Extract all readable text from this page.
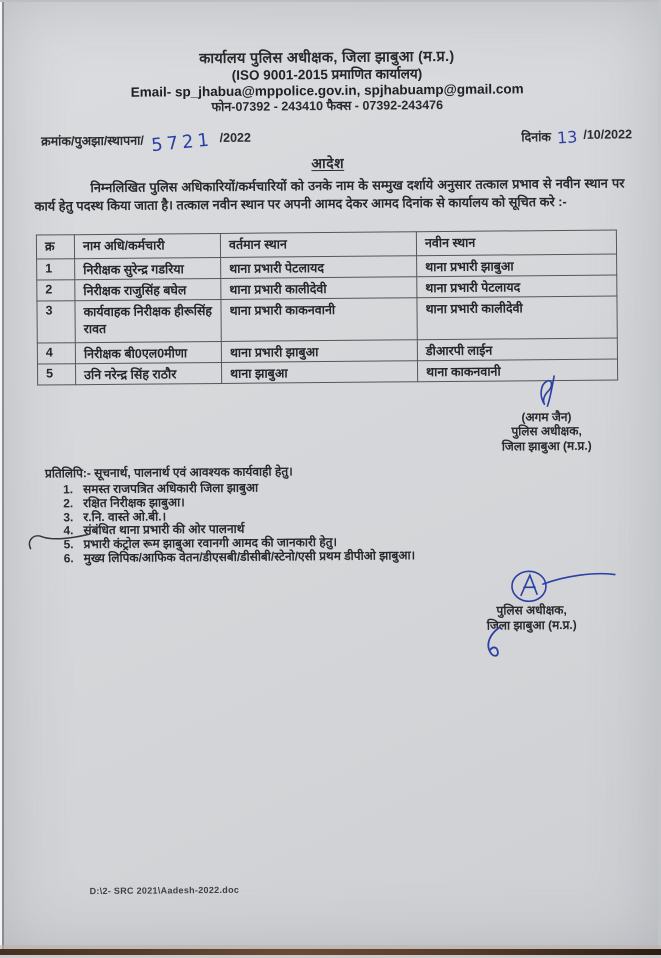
कार्यालय पुलिस अधीक्षक, जिला झाबुआ (म.प्र.)
(ISO 9001-2015 प्रमाणित कार्यालय)
Email- sp_jhabua@mppolice.gov.in, spjhabuamp@gmail.com
फोन-07392 - 243410 फैक्स - 07392-243476
क्रमांक/पुअझा/स्थापना/ 5721 /2022	दिनांक 13 /10/2022
आदेश

निम्नलिखित पुलिस अधिकारियों/कर्मचारियों को उनके नाम के सम्मुख दर्शाये अनुसार तत्काल प्रभाव से नवीन स्थान पर कार्य हेतु पदस्थ किया जाता है। तत्काल नवीन स्थान पर अपनी आमद देकर आमद दिनांक से कार्यालय को सूचित करे :-

क्र	नाम अधि/कर्मचारी	वर्तमान स्थान	नवीन स्थान
1	निरीक्षक सुरेन्द्र गडरिया	थाना प्रभारी पेटलायद	थाना प्रभारी झाबुआ
2	निरीक्षक राजुसिंह बघेल	थाना प्रभारी कालीदेवी	थाना प्रभारी पेटलायद
3	कार्यवाहक निरीक्षक हीरूसिंह रावत	थाना प्रभारी काकनवानी	थाना प्रभारी कालीदेवी
4	निरीक्षक बी0एल0मीणा	थाना प्रभारी झाबुआ	डीआरपी लाईन
5	उनि नरेन्द्र सिंह राठौर	थाना झाबुआ	थाना काकनवानी
(अगम जैन)
पुलिस अधीक्षक,
जिला झाबुआ (म.प्र.)
प्रतिलिपि:- सूचनार्थ, पालनार्थ एवं आवश्यक कार्यवाही हेतु।
1. समस्त राजपत्रित अधिकारी जिला झाबुआ
2. रक्षित निरीक्षक झाबुआ।
3. र.नि. वास्ते ओ.बी.।
4. संबंधित थाना प्रभारी की ओर पालनार्थ
5. प्रभारी कंट्रोल रूम झाबुआ रवानगी आमद की जानकारी हेतु।
6. मुख्य लिपिक/आफिक वेतन/डीएसबी/डीसीबी/स्टेनो/एसी प्रथम डीपीओ झाबुआ।
पुलिस अधीक्षक,
जिला झाबुआ (म.प्र.)
D:\2- SRC 2021\Aadesh-2022.doc
